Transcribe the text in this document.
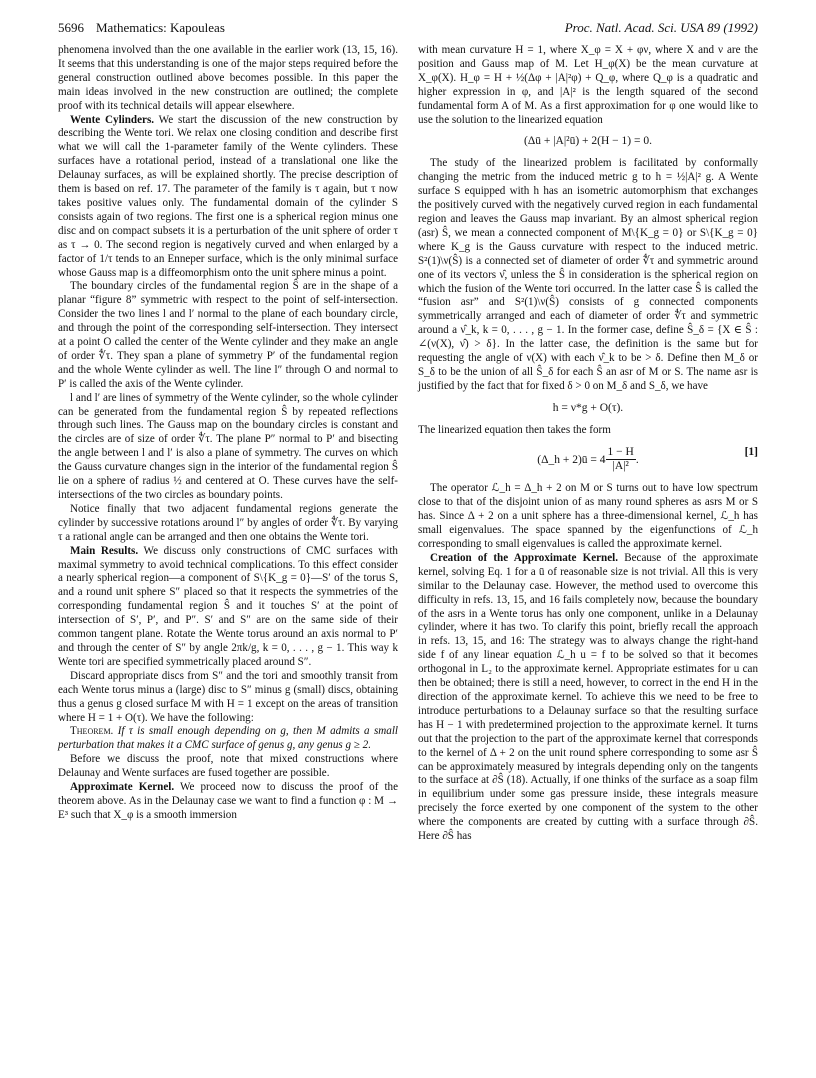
5696 Mathematics: Kapouleas	Proc. Natl. Acad. Sci. USA 89 (1992)

phenomena involved than the one available in the earlier work (13, 15, 16). It seems that this understanding is one of the major steps required before the general construction outlined above becomes possible. In this paper the main ideas involved in the new construction are outlined; the complete proof with its technical details will appear elsewhere.

Wente Cylinders. We start the discussion of the new construction by describing the Wente tori. We relax one closing condition and describe first what we will call the 1-parameter family of the Wente cylinders. These surfaces have a rotational period, instead of a translational one like the Delaunay surfaces, as will be explained shortly. The precise description of them is based on ref. 17. The parameter of the family is τ again, but τ now takes positive values only. The fundamental domain of the cylinder S consists again of two regions. The first one is a spherical region minus one disc and on compact subsets it is a perturbation of the unit sphere of order τ as τ → 0. The second region is negatively curved and when enlarged by a factor of 1/τ tends to an Enneper surface, which is the only minimal surface whose Gauss map is a diffeomorphism onto the unit sphere minus a point.

The boundary circles of the fundamental region Ŝ are in the shape of a planar “figure 8” symmetric with respect to the point of self-intersection. Consider the two lines l and l′ normal to the plane of each boundary circle, and through the point of the corresponding self-intersection. They intersect at a point O called the center of the Wente cylinder and they make an angle of order ∜τ. They span a plane of symmetry P′ of the fundamental region and the whole Wente cylinder as well. The line l″ through O and normal to P′ is called the axis of the Wente cylinder.

l and l′ are lines of symmetry of the Wente cylinder, so the whole cylinder can be generated from the fundamental region Ŝ by repeated reflections through such lines. The Gauss map on the boundary circles is constant and the circles are of size of order ∜τ. The plane P″ normal to P′ and bisecting the angle between l and l′ is also a plane of symmetry. The curves on which the Gauss curvature changes sign in the interior of the fundamental region Ŝ lie on a sphere of radius ½ and centered at O. These curves have the self-intersections of the two circles as boundary points.

Notice finally that two adjacent fundamental regions generate the cylinder by successive rotations around l″ by angles of order ∜τ. By varying τ a rational angle can be arranged and then one obtains the Wente tori.

Main Results. We discuss only constructions of CMC surfaces with maximal symmetry to avoid technical complications. To this effect consider a nearly spherical region—a component of S\{K_g = 0}—S′ of the torus S, and a round unit sphere S″ placed so that it respects the symmetries of the corresponding fundamental region Ŝ and it touches S′ at the point of intersection of S′, P′, and P″. S′ and S″ are on the same side of their common tangent plane. Rotate the Wente torus around an axis normal to P′ and through the center of S″ by angle 2πk/g, k = 0, . . . , g − 1. This way k Wente tori are specified symmetrically placed around S″.

Discard appropriate discs from S″ and the tori and smoothly transit from each Wente torus minus a (large) disc to S″ minus g (small) discs, obtaining thus a genus g closed surface M with H = 1 except on the areas of transition where H = 1 + O(τ). We have the following:

Theorem. If τ is small enough depending on g, then M admits a small perturbation that makes it a CMC surface of genus g, any genus g ≥ 2.

Before we discuss the proof, note that mixed constructions where Delaunay and Wente surfaces are fused together are possible.

Approximate Kernel. We proceed now to discuss the proof of the theorem above. As in the Delaunay case we want to find a function φ : M → E³ such that X_φ is a smooth immersion

with mean curvature H = 1, where X_φ = X + φν, where X and ν are the position and Gauss map of M. Let H_φ(X) be the mean curvature at X_φ(X). H_φ = H + ½(Δφ + |A|²φ) + Q_φ, where Q_φ is a quadratic and higher expression in φ, and |A|² is the length squared of the second fundamental form A of M. As a first approximation for φ one would like to use the solution to the linearized equation

(Δū + |A|²ū) + 2(H − 1) = 0.

The study of the linearized problem is facilitated by conformally changing the metric from the induced metric g to h = ½|A|² g. A Wente surface S equipped with h has an isometric automorphism that exchanges the positively curved with the negatively curved region in each fundamental region and leaves the Gauss map invariant. By an almost spherical region (asr) Ŝ, we mean a connected component of M\{K_g = 0} or S\{K_g = 0} where K_g is the Gauss curvature with respect to the induced metric. S²(1)\ν(Ŝ) is a connected set of diameter of order ∜τ and symmetric around one of its vectors ν̂, unless the Ŝ in consideration is the spherical region on which the fusion of the Wente tori occurred. In the latter case Ŝ is called the “fusion asr” and S²(1)\ν(Ŝ) consists of g connected components symmetrically arranged and each of diameter of order ∜τ and symmetric around a ν̂_k, k = 0, . . . , g − 1. In the former case, define Ŝ_δ = {X ∈ Ŝ : ∠(ν(X), ν̂) > δ}. In the latter case, the definition is the same but for requesting the angle of ν(X) with each ν̂_k to be > δ. Define then M_δ or S_δ to be the union of all Ŝ_δ for each Ŝ an asr of M or S. The name asr is justified by the fact that for fixed δ > 0 on M_δ and S_δ, we have

h = ν*g + O(τ).

The linearized equation then takes the form

(Δ_h + 2)ū = $4 \frac{1 - H}{\text{|A|²}}$ .
[1]

The operator ℒ_h = Δ_h + 2 on M or S turns out to have low spectrum close to that of the disjoint union of as many round spheres as asrs M or S has. Since Δ + 2 on a unit sphere has a three-dimensional kernel, ℒ_h has small eigenvalues. The space spanned by the eigenfunctions of ℒ_h corresponding to small eigenvalues is called the approximate kernel.

Creation of the Approximate Kernel. Because of the approximate kernel, solving Eq. 1 for a ū of reasonable size is not trivial. All this is very similar to the Delaunay case. However, the method used to overcome this difficulty in refs. 13, 15, and 16 fails completely now, because the boundary of the asrs in a Wente torus has only one component, unlike in a Delaunay cylinder, where it has two. To clarify this point, briefly recall the approach in refs. 13, 15, and 16: The strategy was to always change the right-hand side f of any linear equation ℒ_h u = f to be solved so that it becomes orthogonal in L₂ to the approximate kernel. Appropriate estimates for u can then be obtained; there is still a need, however, to correct in the end H in the direction of the approximate kernel. To achieve this we need to be free to introduce perturbations to a Delaunay surface so that the resulting surface has H − 1 with predetermined projection to the approximate kernel. It turns out that the projection to the part of the approximate kernel that corresponds to the kernel of Δ + 2 on the unit round sphere corresponding to some asr Ŝ can be approximately measured by integrals depending only on the tangents to the surface at ∂Ŝ (18). Actually, if one thinks of the surface as a soap film in equilibrium under some gas pressure inside, these integrals measure precisely the force exerted by one component of the system to the other where the components are created by cutting with a surface through ∂Ŝ. Here ∂Ŝ has
